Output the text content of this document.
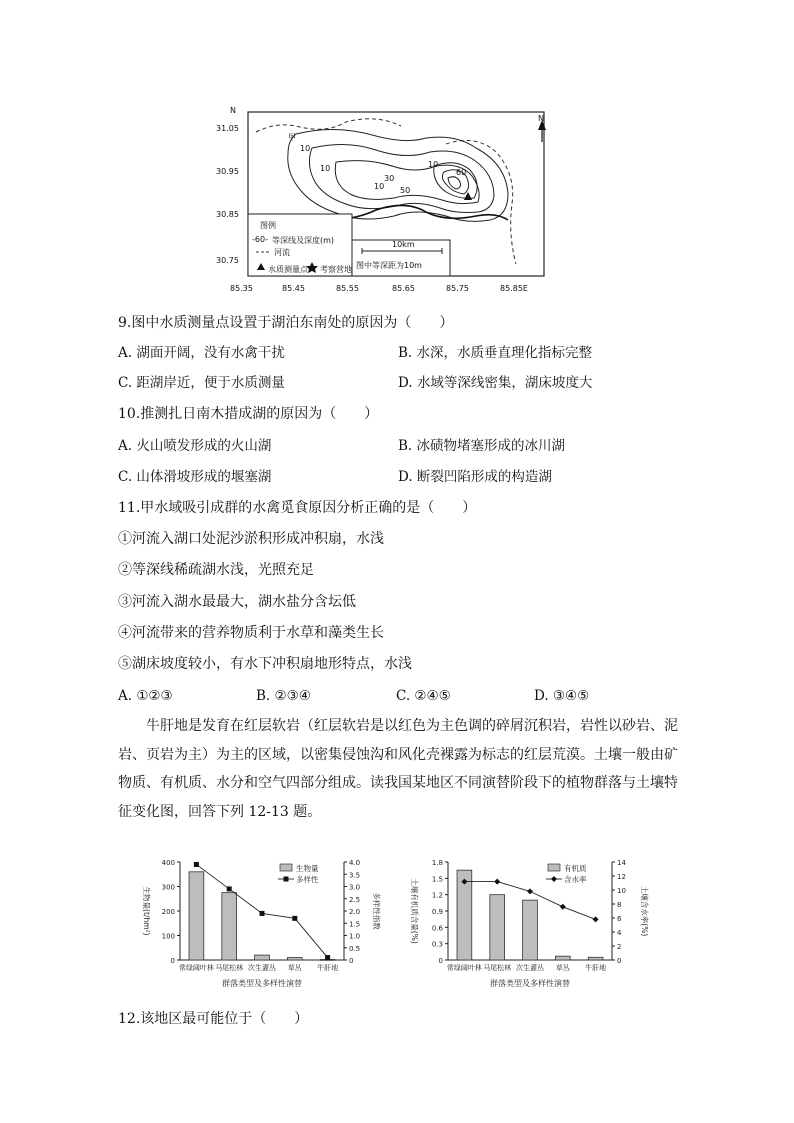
N
N
31.05
30.95
30.85
30.75
85.35	85.45	85.55	85.65	85.75	85.85E
甲
10
10
10
30
50
10
60
图例
-60- 等深线及深度(m)
河流
水质测量点 考察营地
10km
图中等深距为10m
9.图中水质测量点设置于湖泊东南处的原因为（　　）
A. 湖面开阔，没有水禽干扰	B. 水深，水质垂直理化指标完整
C. 距湖岸近，便于水质测量	D. 水域等深线密集，湖床坡度大
10.推测扎日南木措成湖的原因为（　　）
A. 火山喷发形成的火山湖	B. 冰碛物堵塞形成的冰川湖
C. 山体滑坡形成的堰塞湖	D. 断裂凹陷形成的构造湖
11.甲水域吸引成群的水禽觅食原因分析正确的是（　　）
①河流入湖口处泥沙淤积形成冲积扇，水浅
②等深线稀疏湖水浅，光照充足
③河流入湖水最最大，湖水盐分含坛低
④河流带来的营养物质利于水草和藻类生长
⑤湖床坡度较小，有水下冲积扇地形特点，水浅
A. ①②③	B. ②③④	C. ②④⑤	D. ③④⑤
牛肝地是发育在红层软岩（红层软岩是以红色为主色调的碎屑沉积岩，岩性以砂岩、泥岩、页岩为主）为主的区域，以密集侵蚀沟和风化壳裸露为标志的红层荒漠。土壤一般由矿物质、有机质、水分和空气四部分组成。读我国某地区不同演替阶段下的植物群落与土壤特征变化图，回答下列 12-13 题。
0
100
200
300
400
0
0.5
1.0
1.5
2.0
2.5
3.0
3.5
4.0
常绿阔叶林 马尾松林 次生灌丛 草丛 牛肝地
群落类型及多样性演替
生物量(t/hm²)	多样性指数
生物量
多样性
0
0.3
0.6
0.9
1.2
1.5
1.8
0
2
4
6
8
10
12
14
常绿阔叶林 马尾松林 次生灌丛 草丛 牛肝地
群落类型及多样性演替
土壤有机质含量(%)	土壤含水率(%)
有机质
含水率
12.该地区最可能位于（　　）
